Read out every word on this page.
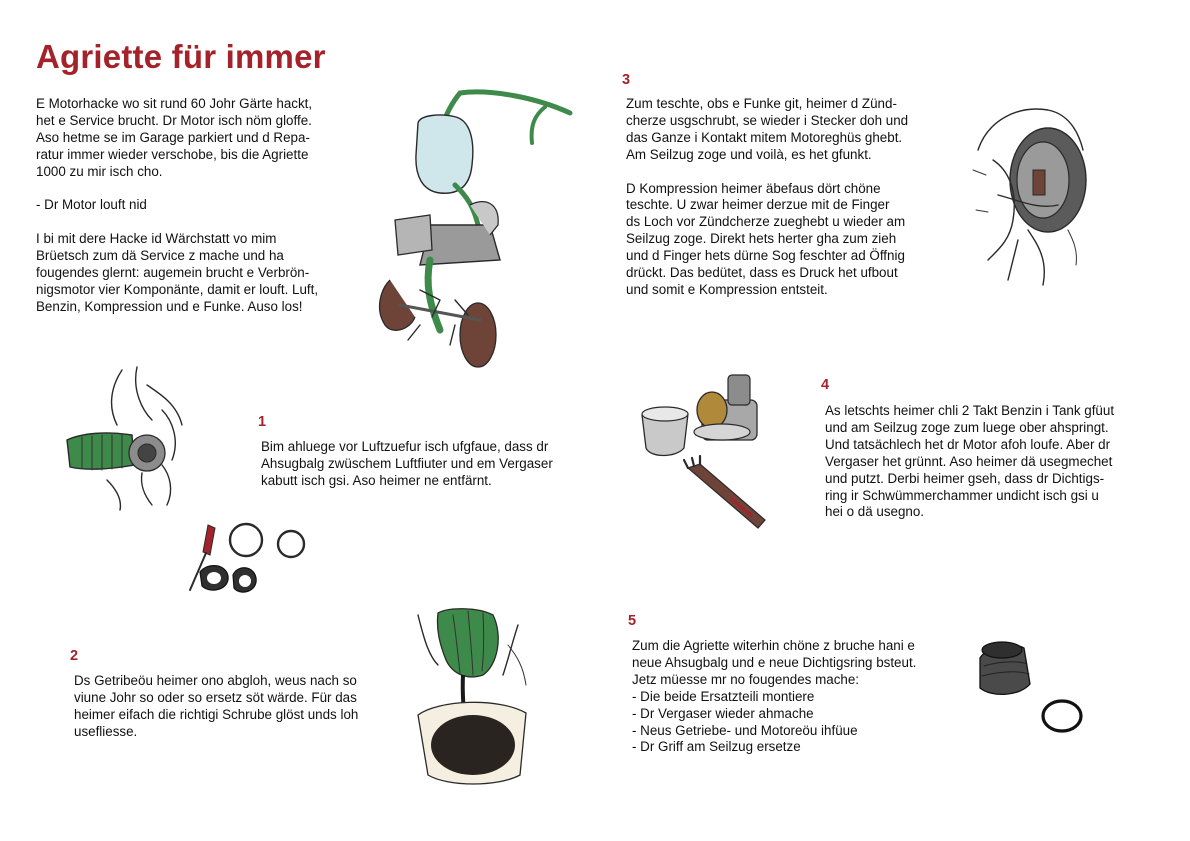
Agriette für immer
E Motorhacke wo sit rund 60 Johr Gärte hackt,
het e Service brucht. Dr Motor isch nöm gloffe.
Aso hetme se im Garage parkiert und d Repa-
ratur immer wieder verschobe, bis die Agriette
1000 zu mir isch cho.

- Dr Motor louft nid

I bi mit dere Hacke id Wärchstatt vo mim
Brüetsch zum dä Service z mache und ha
fougendes glernt: augemein brucht e Verbrön-
nigsmotor vier Komponänte, damit er louft. Luft,
Benzin, Kompression und e Funke. Auso los!
1
Bim ahluege vor Luftzuefur isch ufgfaue, dass dr
Ahsugbalg zwüschem Luftfiuter und em Vergaser
kabutt isch gsi. Aso heimer ne entfärnt.
2
Ds Getribeöu heimer ono abgloh, weus nach so
viune Johr so oder so ersetz söt wärde. Für das
heimer eifach die richtigi Schrube glöst unds loh
usefliesse.
3
Zum teschte, obs e Funke git, heimer d Zünd-
cherze usgschrubt, se wieder i Stecker doh und
das Ganze i Kontakt mitem Motoreghüs ghebt.
Am Seilzug zoge und voilà, es het gfunkt.

D Kompression heimer äbefaus dört chöne
teschte. U zwar heimer derzue mit de Finger
ds Loch vor Zündcherze zueghebt u wieder am
Seilzug zoge. Direkt hets herter gha zum zieh
und d Finger hets dürne Sog feschter ad Öffnig
drückt. Das bedütet, dass es Druck het ufbout
und somit e Kompression entsteit.
4
As letschts heimer chli 2 Takt Benzin i Tank gfüut
und am Seilzug zoge zum luege ober ahspringt.
Und tatsächlech het dr Motor afoh loufe. Aber dr
Vergaser het grünnt. Aso heimer dä usegmechet
und putzt. Derbi heimer gseh, dass dr Dichtigs-
ring ir Schwümmerchammer undicht isch gsi u
hei o dä usegno.
5
Zum die Agriette witerhin chöne z bruche hani e
neue Ahsugbalg und e neue Dichtigsring bsteut.
Jetz müesse mr no fougendes mache:
- Die beide Ersatzteili montiere
- Dr Vergaser wieder ahmache
- Neus Getriebe- und Motoreöu ihfüue
- Dr Griff am Seilzug ersetze
